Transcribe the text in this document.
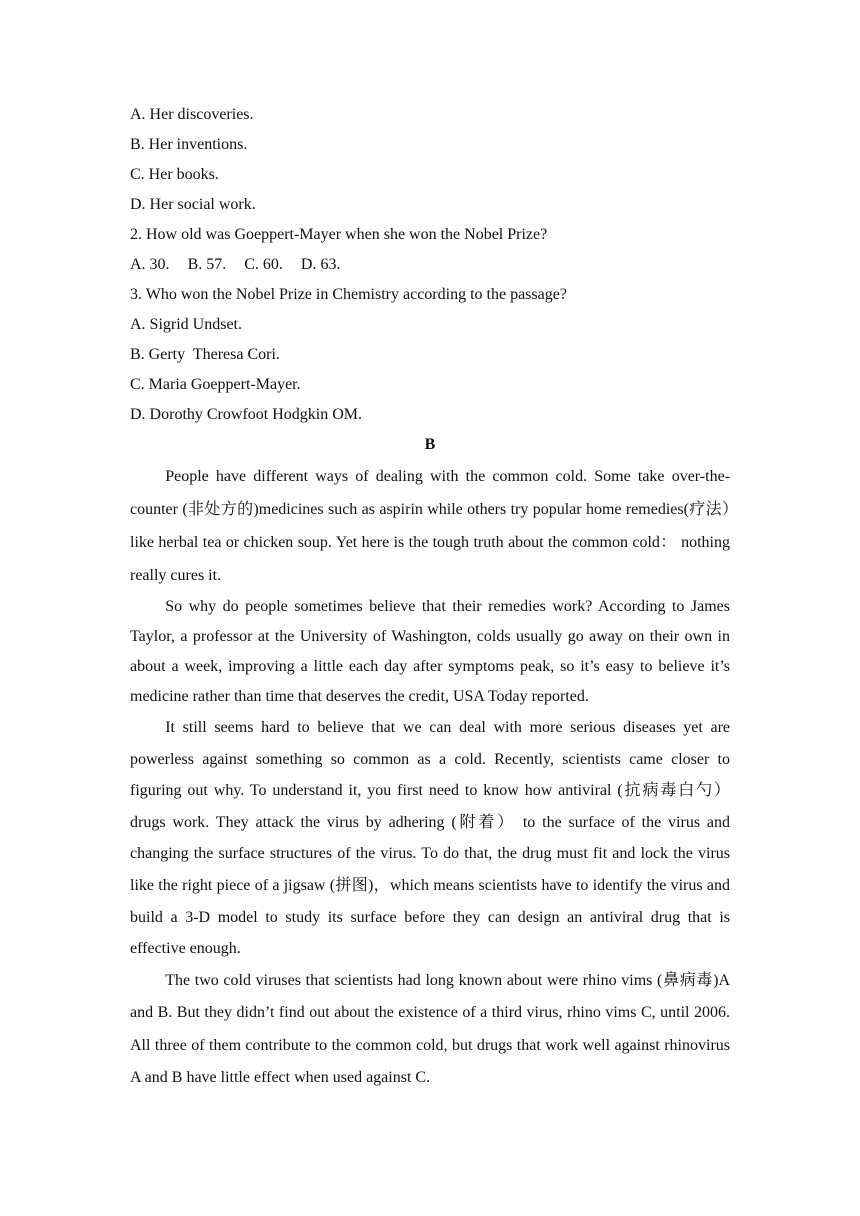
A. Her discoveries.
B. Her inventions.
C. Her books.
D. Her social work.
2. How old was Goeppert-Mayer when she won the Nobel Prize?
A. 30. B. 57. C. 60. D. 63.
3. Who won the Nobel Prize in Chemistry according to the passage?
A. Sigrid Undset.
B. Gerty  Theresa Cori.
C. Maria Goeppert-Mayer.
D. Dorothy Crowfoot Hodgkin OM.
B

People have different ways of dealing with the common cold. Some take over-the-counter (非处方的)medicines such as aspirin while others try popular home remedies(疗法）like herbal tea or chicken soup. Yet here is the tough truth about the common cold： nothing really cures it.

So why do people sometimes believe that their remedies work? According to James Taylor, a professor at the University of Washington, colds usually go away on their own in about a week, improving a little each day after symptoms peak, so it’s easy to believe it’s medicine rather than time that deserves the credit, USA Today reported.

It still seems hard to believe that we can deal with more serious diseases yet are powerless against something so common as a cold. Recently, scientists came closer to figuring out why. To understand it, you first need to know how antiviral (抗病毒白勺） drugs work. They attack the virus by adhering (附着） to the surface of the virus and changing the surface structures of the virus. To do that, the drug must fit and lock the virus like the right piece of a jigsaw (拼图)，which means scientists have to identify the virus and build a 3-D model to study its surface before they can design an antiviral drug that is effective enough.

The two cold viruses that scientists had long known about were rhino vims (鼻病毒)A and B. But they didn’t find out about the existence of a third virus, rhino vims C, until 2006. All three of them contribute to the common cold, but drugs that work well against rhinovirus A and B have little effect when used against C.
